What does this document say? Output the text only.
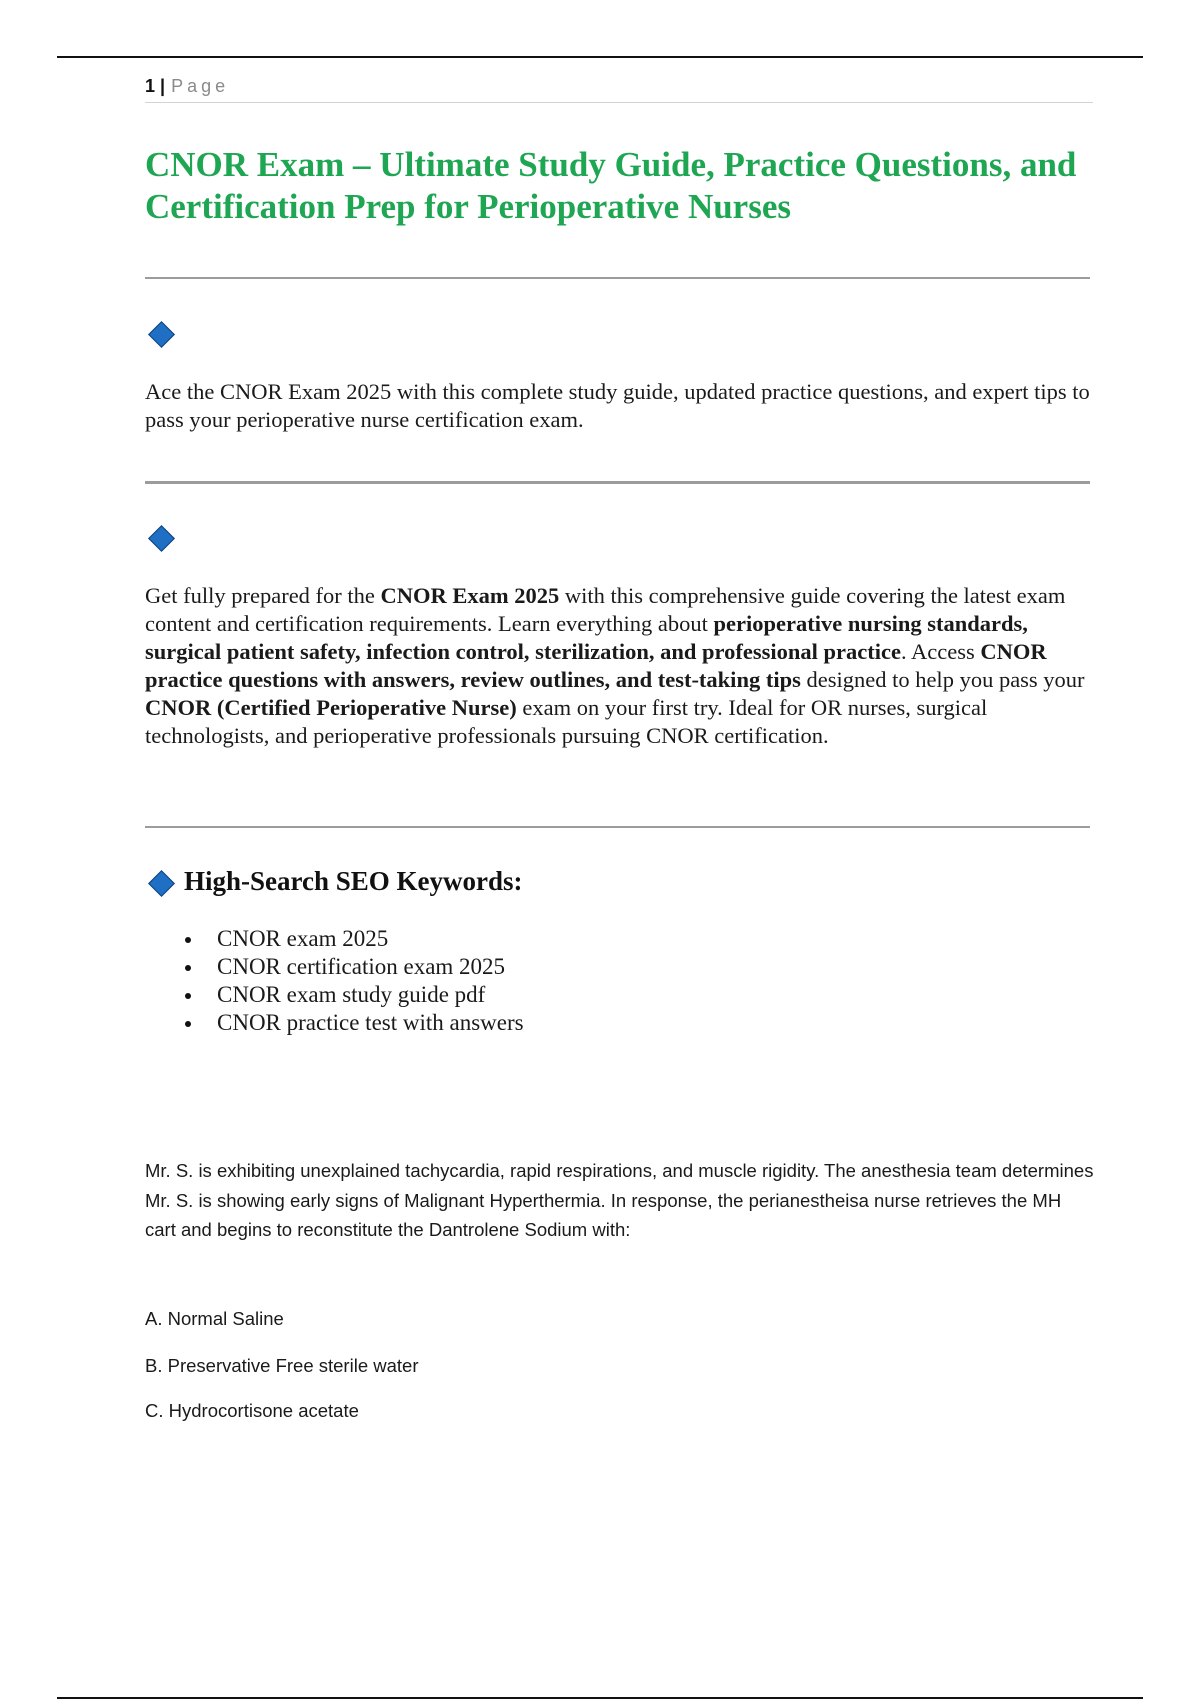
1 | Page
CNOR Exam – Ultimate Study Guide, Practice Questions, and Certification Prep for Perioperative Nurses

Ace the CNOR Exam 2025 with this complete study guide, updated practice questions, and expert tips to pass your perioperative nurse certification exam.

Get fully prepared for the CNOR Exam 2025 with this comprehensive guide covering the latest exam content and certification requirements. Learn everything about perioperative nursing standards, surgical patient safety, infection control, sterilization, and professional practice. Access CNOR practice questions with answers, review outlines, and test-taking tips designed to help you pass your CNOR (Certified Perioperative Nurse) exam on your first try. Ideal for OR nurses, surgical technologists, and perioperative professionals pursuing CNOR certification.

High-Search SEO Keywords:
CNOR exam 2025
CNOR certification exam 2025
CNOR exam study guide pdf
CNOR practice test with answers

Mr. S. is exhibiting unexplained tachycardia, rapid respirations, and muscle rigidity. The anesthesia team determines Mr. S. is showing early signs of Malignant Hyperthermia. In response, the perianestheisa nurse retrieves the MH cart and begins to reconstitute the Dantrolene Sodium with:

A. Normal Saline

B. Preservative Free sterile water

C. Hydrocortisone acetate
